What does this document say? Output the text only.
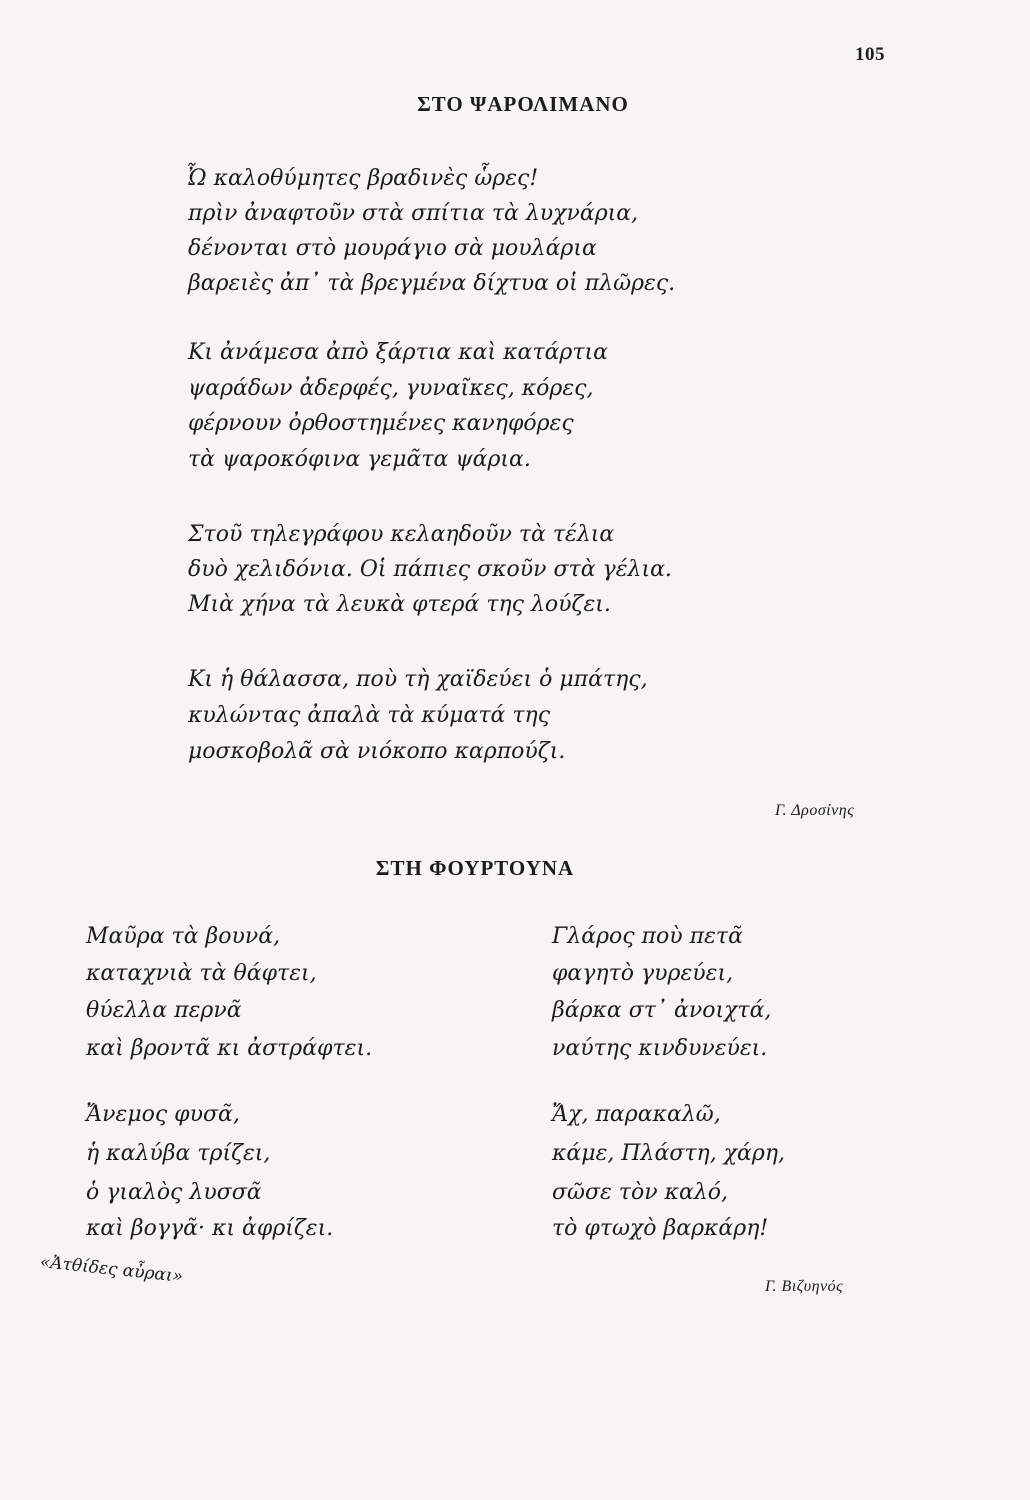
105
ΣΤΟ ΨΑΡΟΛΙΜΑΝΟ
Ὦ καλοθύμητες βραδινὲς ὧρες!
πρὶν ἀναφτοῦν στὰ σπίτια τὰ λυχνάρια,
δένονται στὸ μουράγιο σὰ μουλάρια
βαρειὲς ἀπ᾽ τὰ βρεγμένα δίχτυα οἱ πλῶρες.
Κι ἀνάμεσα ἀπὸ ξάρτια καὶ κατάρτια
ψαράδων ἀδερφές, γυναῖκες, κόρες,
φέρνουν ὀρθοστημένες κανηφόρες
τὰ ψαροκόφινα γεμᾶτα ψάρια.
Στοῦ τηλεγράφου κελαηδοῦν τὰ τέλια
δυὸ χελιδόνια. Οἱ πάπιες σκοῦν στὰ γέλια.
Μιὰ χήνα τὰ λευκὰ φτερά της λούζει.
Κι ἡ θάλασσα, ποὺ τὴ χαϊδεύει ὁ μπάτης,
κυλώντας ἀπαλὰ τὰ κύματά της
μοσκοβολᾶ σὰ νιόκοπο καρπούζι.
Γ. Δροσίνης
ΣΤΗ ΦΟΥΡΤΟΥΝΑ
Μαῦρα τὰ βουνά,
καταχνιὰ τὰ θάφτει,
θύελλα περνᾶ
καὶ βροντᾶ κι ἀστράφτει.
Ἄνεμος φυσᾶ,
ἡ καλύβα τρίζει,
ὁ γιαλὸς λυσσᾶ
καὶ βογγᾶ· κι ἀφρίζει.
Γλάρος ποὺ πετᾶ
φαγητὸ γυρεύει,
βάρκα στ᾽ ἀνοιχτά,
ναύτης κινδυνεύει.
Ἄχ, παρακαλῶ,
κάμε, Πλάστη, χάρη,
σῶσε τὸν καλό,
τὸ φτωχὸ βαρκάρη!
«Ἀτθίδες αὖραι»	Γ. Βιζυηνός
